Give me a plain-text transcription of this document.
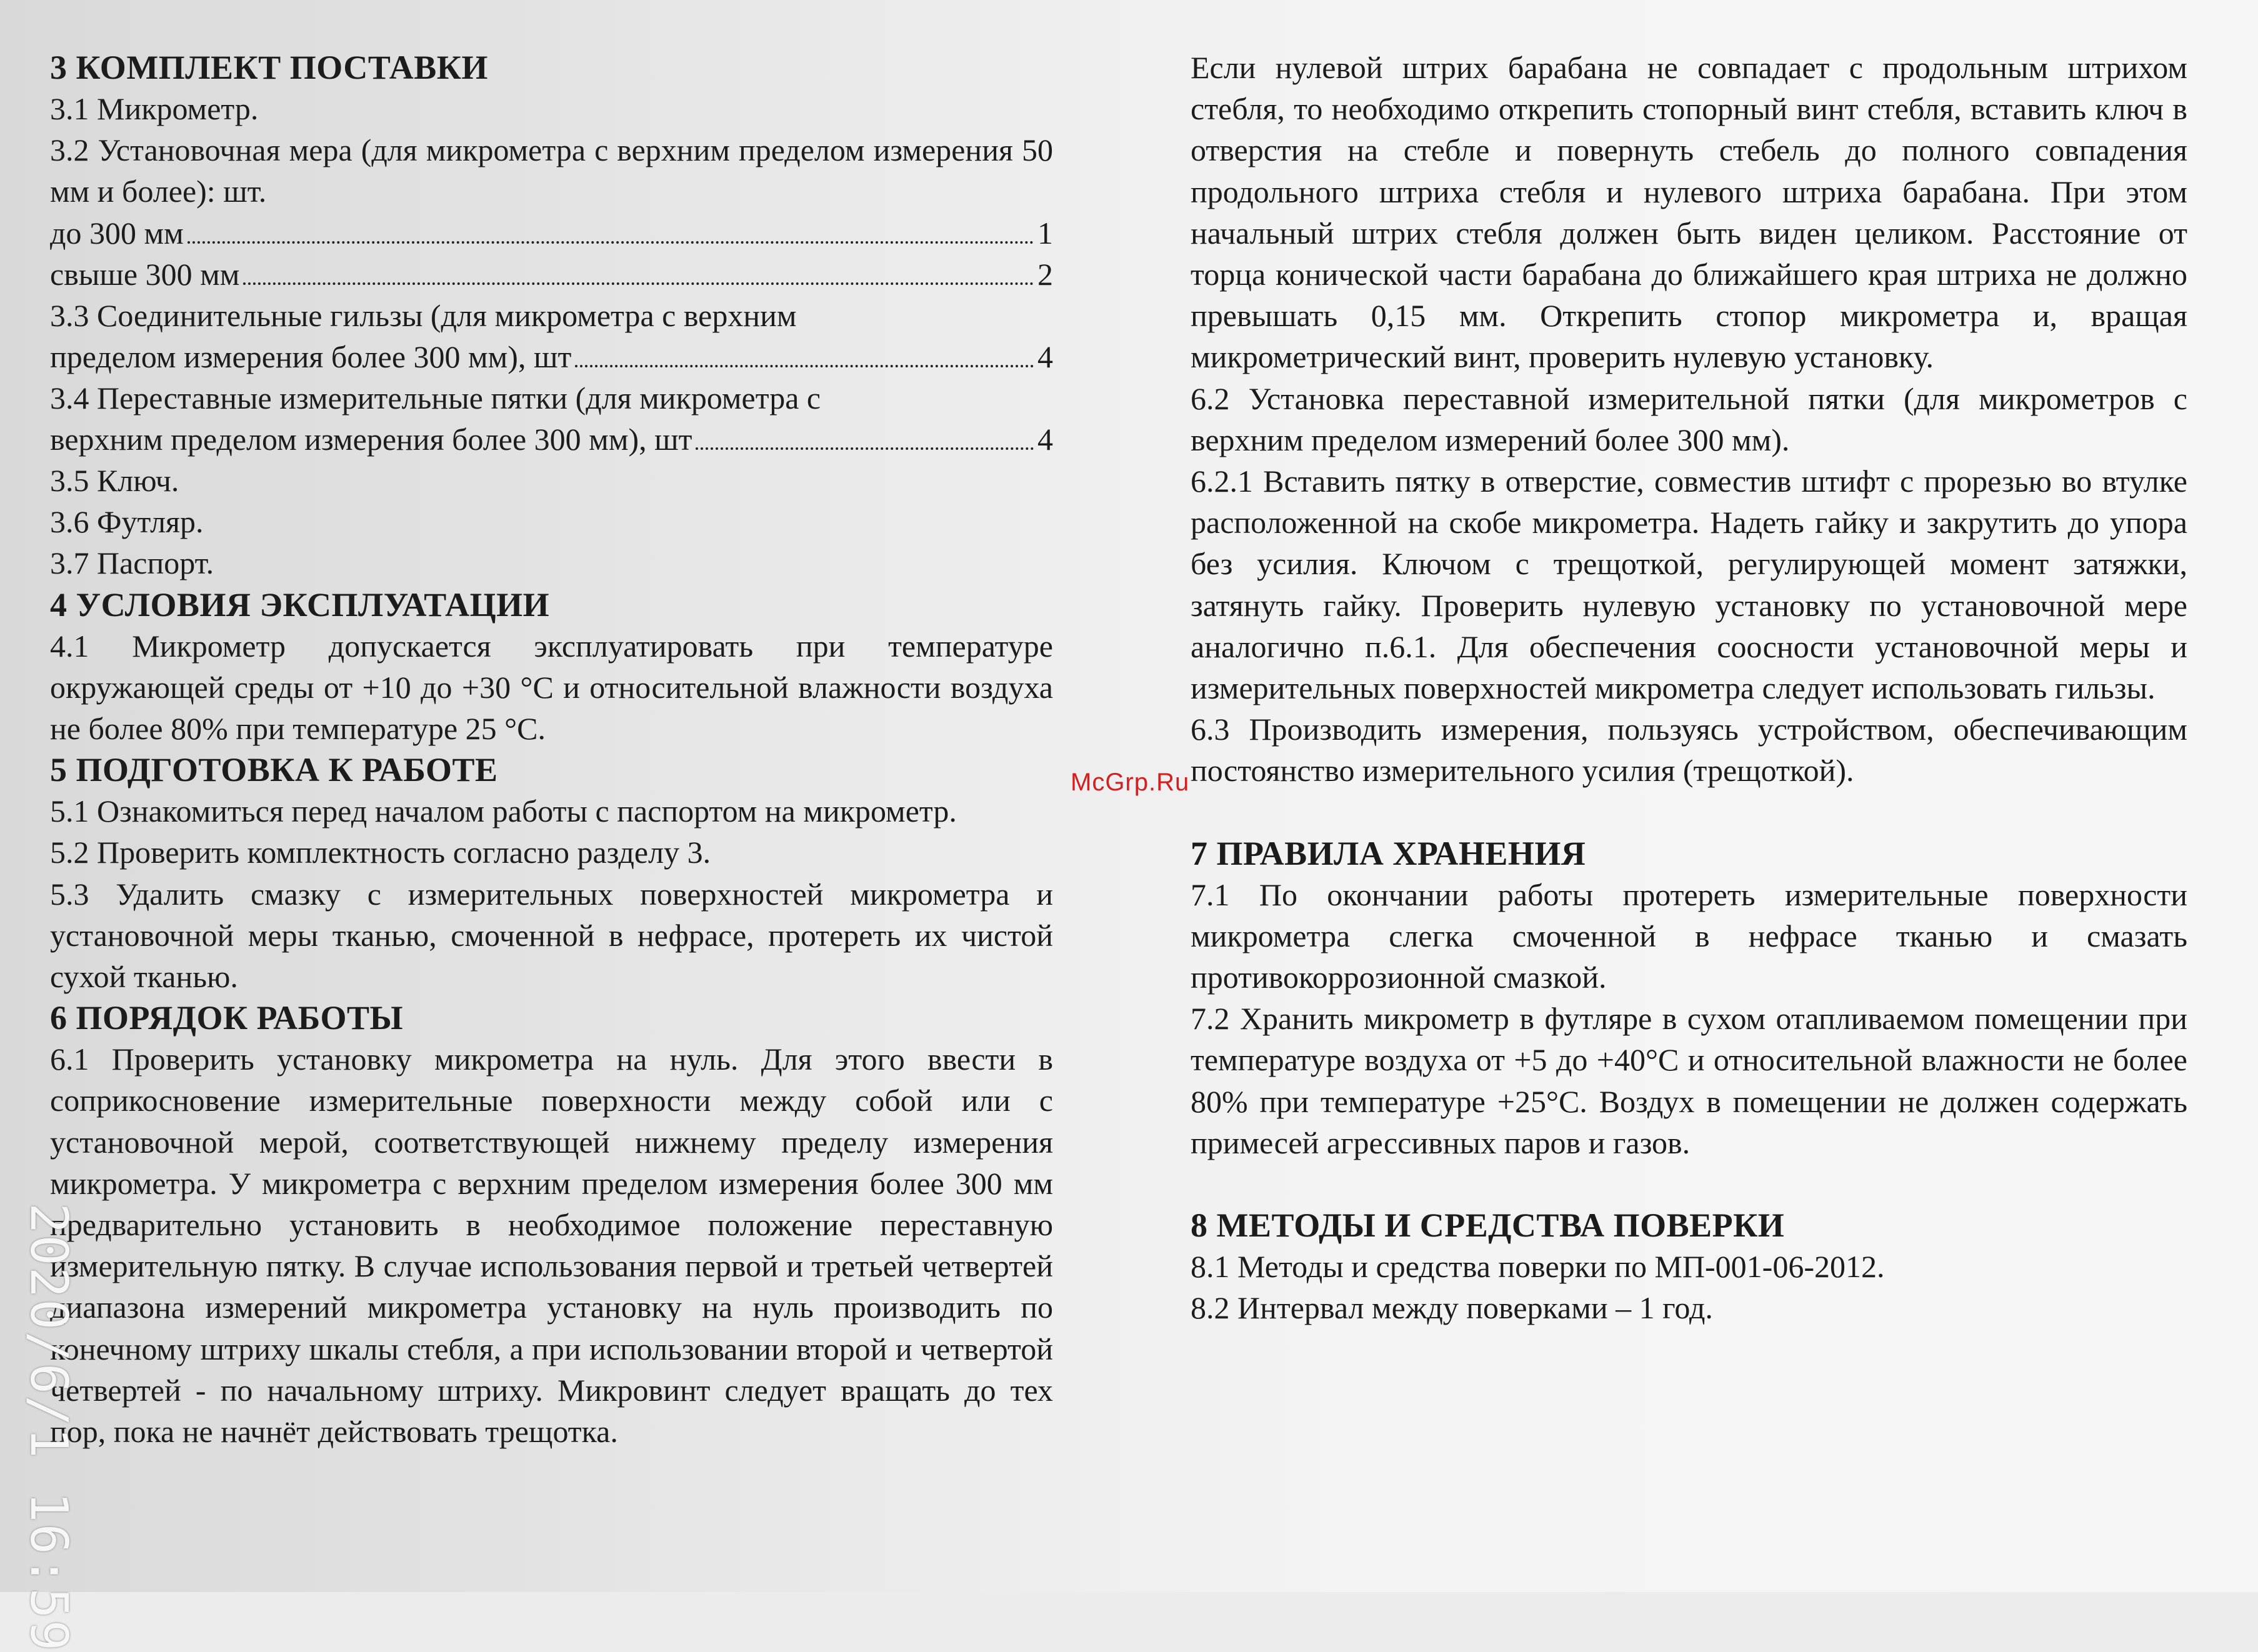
3 КОМПЛЕКТ ПОСТАВКИ

3.1 Микрометр.

3.2 Установочная мера (для микрометра с верхним пределом измерения 50 мм и более): шт.

до 300 мм	1
свыше 300 мм	2

3.3 Соединительные гильзы (для микрометра с верхним

пределом измерения более 300 мм), шт	4

3.4 Переставные измерительные пятки (для микрометра с

верхним пределом измерения более 300 мм), шт	4

3.5 Ключ.

3.6 Футляр.

3.7 Паспорт.

4 УСЛОВИЯ ЭКСПЛУАТАЦИИ

4.1 Микрометр допускается эксплуатировать при температуре окружающей среды от +10 до +30 °С и относительной влажности воздуха не более 80% при температуре 25 °С.

5 ПОДГОТОВКА К РАБОТЕ

5.1 Ознакомиться перед началом работы с паспортом на микрометр.

5.2 Проверить комплектность согласно разделу 3.

5.3 Удалить смазку с измерительных поверхностей микрометра и установочной меры тканью, смоченной в нефрасе, протереть их чистой сухой тканью.

6 ПОРЯДОК РАБОТЫ

6.1 Проверить установку микрометра на нуль. Для этого ввести в соприкосновение измерительные поверхности между собой или с установочной мерой, соответствующей нижнему пределу измерения микрометра. У микрометра с верхним пределом измерения более 300 мм предварительно установить в необходимое положение переставную измерительную пятку. В случае использования первой и третьей четвертей диапазона измерений микрометра установку на нуль производить по конечному штриху шкалы стебля, а при использовании второй и четвертой четвертей - по начальному штриху. Микровинт следует вращать до тех пор, пока не начнёт действовать трещотка.

Если нулевой штрих барабана не совпадает с продольным штрихом стебля, то необходимо открепить стопорный винт стебля, вставить ключ в отверстия на стебле и повернуть стебель до полного совпадения продольного штриха стебля и нулевого штриха барабана. При этом начальный штрих стебля должен быть виден целиком. Расстояние от торца конической части барабана до ближайшего края штриха не должно превышать 0,15 мм. Открепить стопор микрометра и, вращая микрометрический винт, проверить нулевую установку.

6.2 Установка переставной измерительной пятки (для микрометров с верхним пределом измерений более 300 мм).

6.2.1 Вставить пятку в отверстие, совместив штифт с прорезью во втулке расположенной на скобе микрометра. Надеть гайку и закрутить до упора без усилия. Ключом с трещоткой, регулирующей момент затяжки, затянуть гайку. Проверить нулевую установку по установочной мере аналогично п.6.1. Для обеспечения соосности установочной меры и измерительных поверхностей микрометра следует использовать гильзы.

6.3 Производить измерения, пользуясь устройством, обеспечивающим постоянство измерительного усилия (трещоткой).

7 ПРАВИЛА ХРАНЕНИЯ

7.1 По окончании работы протереть измерительные поверхности микрометра слегка смоченной в нефрасе тканью и смазать противокоррозионной смазкой.

7.2 Хранить микрометр в футляре в сухом отапливаемом помещении при температуре воздуха от +5 до +40°С и относительной влажности не более 80% при температуре +25°С. Воздух в помещении не должен содержать примесей агрессивных паров и газов.

8 МЕТОДЫ И СРЕДСТВА ПОВЕРКИ

8.1 Методы и средства поверки по МП-001-06-2012.

8.2 Интервал между поверками – 1 год.

McGrp.Ru
2020/6/1 16:59
